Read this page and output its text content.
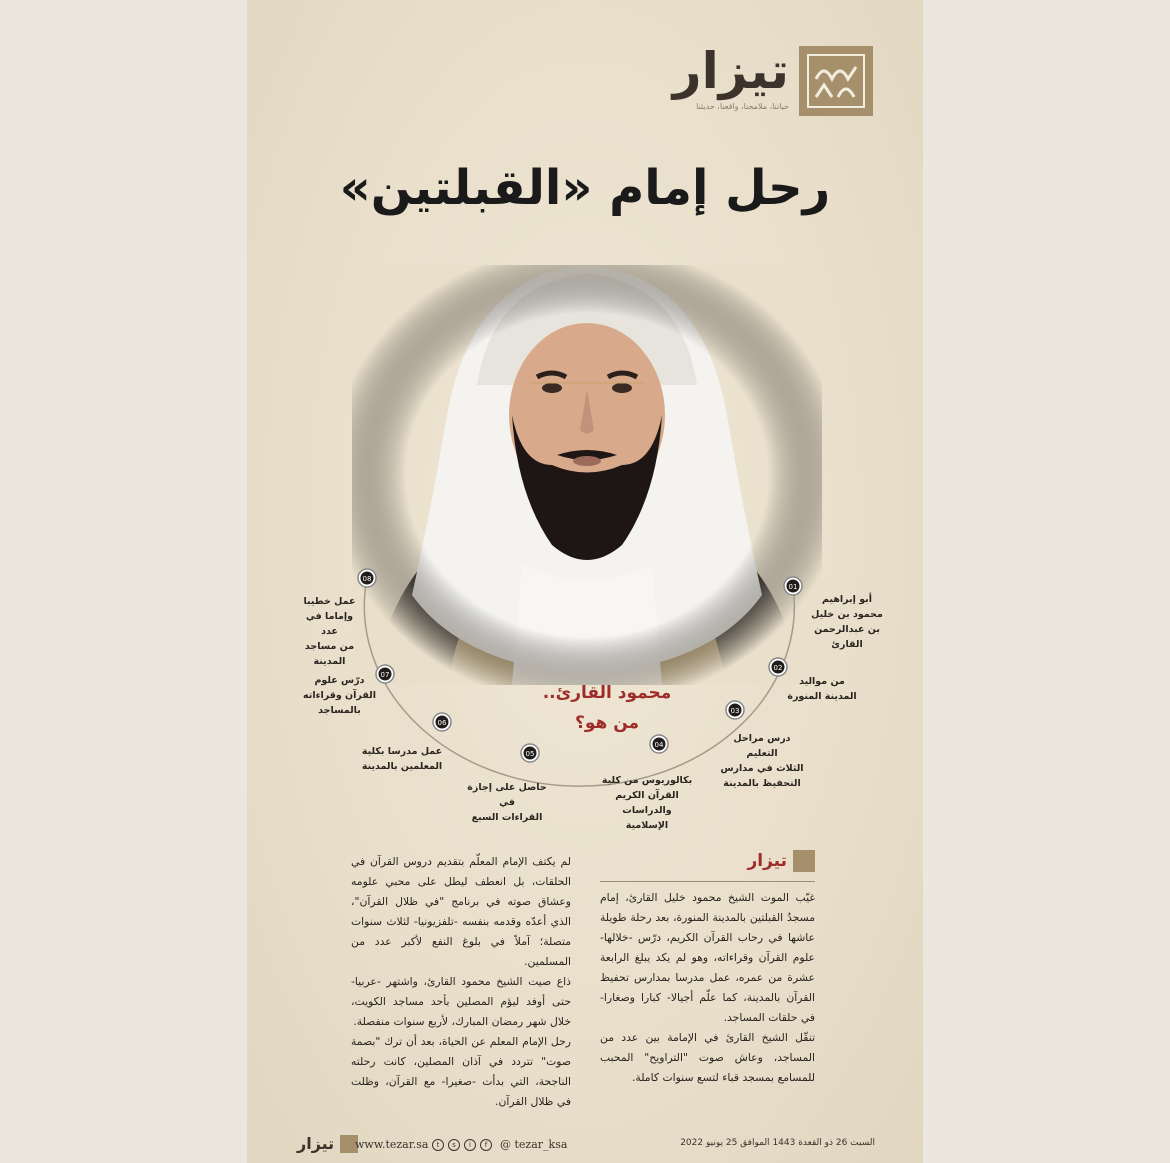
تيزار
حياتنا، ملامحنا، واقعنا، حديثنا
رحل إمام «القبلتين»
01
02
03
04
05
06
07
08
محمود القارئ..
من هو؟
أبو إبراهيم
محمود بن خليل
بن عبدالرحمن
القارئ
من مواليد
المدينة المنورة
درس مراحل التعليم
الثلاث في مدارس
التحفيظ بالمدينة
بكالوريوس من كلية
القرآن الكريم والدراسات
الإسلامية
حاصل على إجازة في
القراءات السبع
عمل مدرسا بكلية
المعلمين بالمدينة
درّس علوم
القرآن وقراءاته
بالمساجد
عمل خطيبا
وإماما في عدد
من مساجد
المدينة
تيزار

غيّب الموت الشيخ محمود خليل القارئ، إمام مسجدُ القبلتين بالمدينة المنورة، بعد رحلة طويلة عاشها في رحاب القرآن الكريم، درّس -خلالها- علوم القرآن وقراءاته، وهو لم يكد يبلغ الرابعة عشرة من عمره، عمل مدرسا بمدارس تحفيظ القرآن بالمدينة، كما علّم أجيالا- كبارا وصغارا- في حلقات المساجد.

تنقّل الشيخ القارئ في الإمامة بين عدد من المساجد، وعاش صوت "التراويح" المحبب للمسامع بمسجد قباء لتسع سنوات كاملة.

لم يكتف الإمام المعلّم بتقديم دروس القرآن في الحلقات، بل انعطف ليطل على محبي علومه وعشاق صوته في برنامج "في ظلال القرآن"، الذي أعدّه وقدمه بنفسه -تلفزيونيا- لثلاث سنوات متصلة؛ آملاً في بلوغ النفع لأكبر عدد من المسلمين.

ذاع صيت الشيخ محمود القارئ، واشتهر -عربيا- حتى أوفد ليؤم المصلين بأحد مساجد الكويت، خلال شهر رمضان المبارك، لأربع سنوات منفصلة.

رحل الإمام المعلم عن الحياة، بعد أن ترك "بصمة صوت" تتردد في آذان المصلين، كانت رحلته الناجحة، التي بدأت -صغيرا- مع القرآن، وظلت في ظلال القرآن.

تيزار www.tezar.sa	t	s	i	f	@ tezar_ksa	السبت 26 ذو القعدة 1443 الموافق 25 يونيو 2022
